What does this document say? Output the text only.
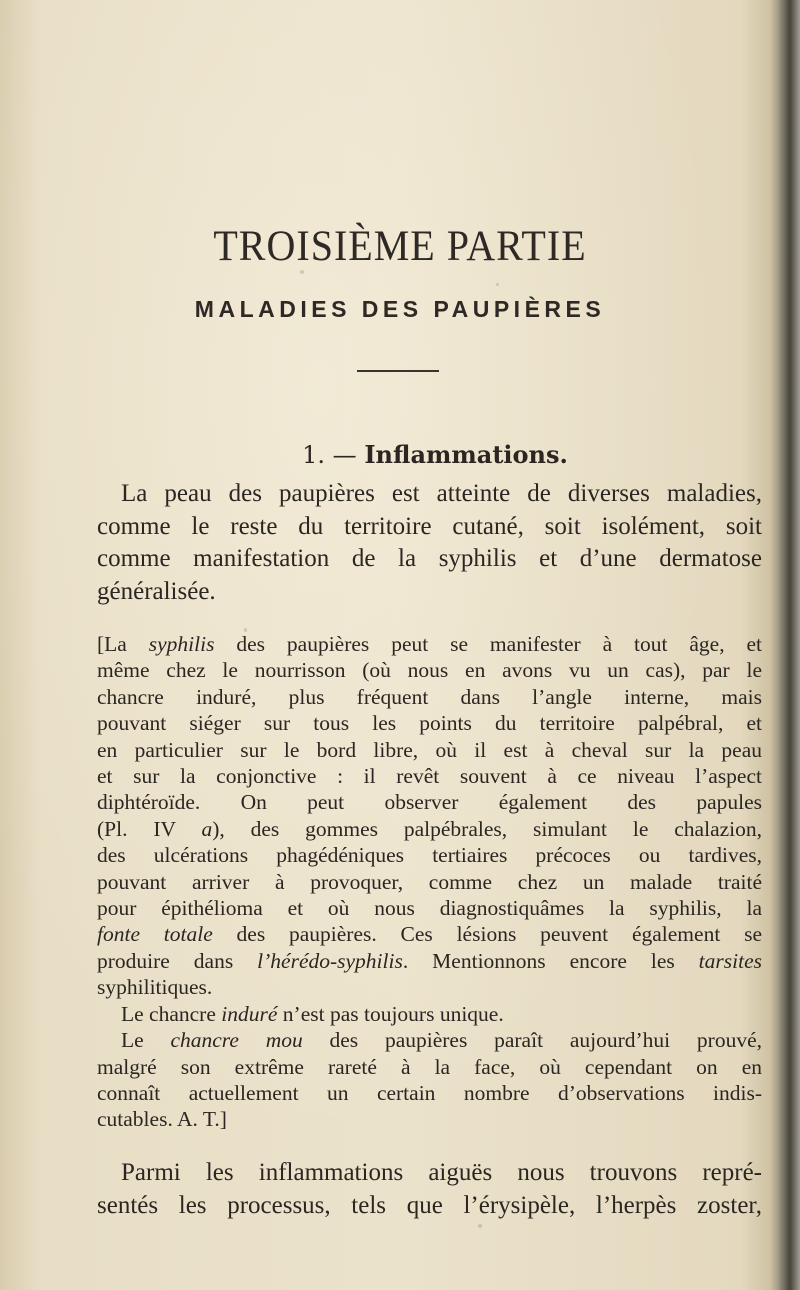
TROISIÈME PARTIE
MALADIES DES PAUPIÈRES
1. — Inflammations.

La peau des paupières est atteinte de diverses maladies,

comme le reste du territoire cutané, soit isolément, soit

comme manifestation de la syphilis et d’une dermatose

généralisée.

[La syphilis des paupières peut se manifester à tout âge, et

même chez le nourrisson (où nous en avons vu un cas), par le

chancre induré, plus fréquent dans l’angle interne, mais

pouvant siéger sur tous les points du territoire palpébral, et

en particulier sur le bord libre, où il est à cheval sur la peau

et sur la conjonctive : il revêt souvent à ce niveau l’aspect

diphtéroïde. On peut observer également des papules

(Pl. IV a), des gommes palpébrales, simulant le chalazion,

des ulcérations phagédéniques tertiaires précoces ou tardives,

pouvant arriver à provoquer, comme chez un malade traité

pour épithélioma et où nous diagnostiquâmes la syphilis, la

fonte totale des paupières. Ces lésions peuvent également se

produire dans l’hérédo-syphilis. Mentionnons encore les tarsites

syphilitiques.

Le chancre induré n’est pas toujours unique.

Le chancre mou des paupières paraît aujourd’hui prouvé,

malgré son extrême rareté à la face, où cependant on en

connaît actuellement un certain nombre d’observations indis-

cutables. A. T.]

Parmi les inflammations aiguës nous trouvons repré-

sentés les processus, tels que l’érysipèle, l’herpès zoster,
